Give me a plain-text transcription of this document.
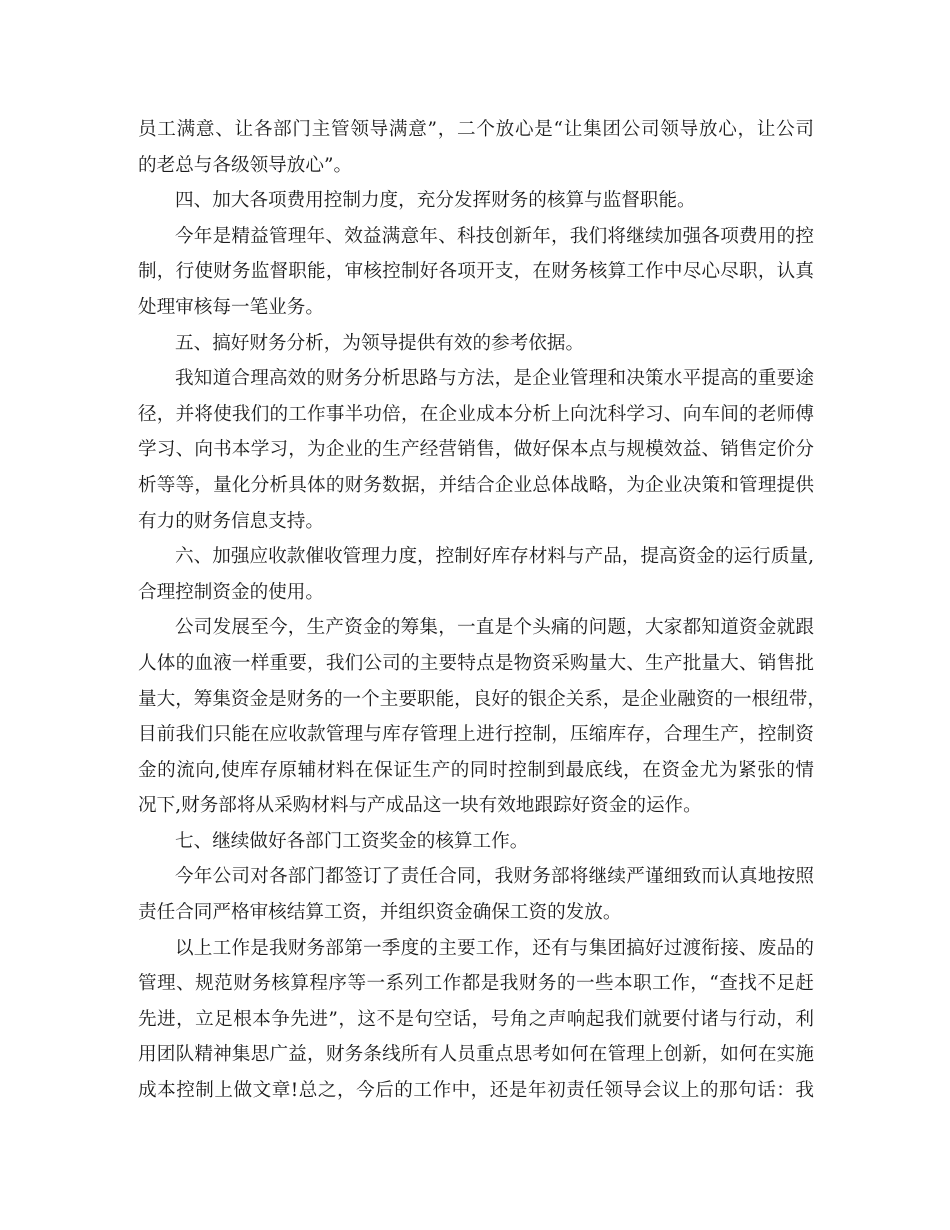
员工满意、让各部门主管领导满意”，二个放心是“让集团公司领导放心，让公司
的老总与各级领导放心”。
四、加大各项费用控制力度，充分发挥财务的核算与监督职能。
今年是精益管理年、效益满意年、科技创新年，我们将继续加强各项费用的控
制，行使财务监督职能，审核控制好各项开支，在财务核算工作中尽心尽职，认真
处理审核每一笔业务。
五、搞好财务分析，为领导提供有效的参考依据。
我知道合理高效的财务分析思路与方法，是企业管理和决策水平提高的重要途
径，并将使我们的工作事半功倍，在企业成本分析上向沈科学习、向车间的老师傅
学习、向书本学习，为企业的生产经营销售，做好保本点与规模效益、销售定价分
析等等，量化分析具体的财务数据，并结合企业总体战略，为企业决策和管理提供
有力的财务信息支持。
六、加强应收款催收管理力度，控制好库存材料与产品，提高资金的运行质量,
合理控制资金的使用。
公司发展至今，生产资金的筹集，一直是个头痛的问题，大家都知道资金就跟
人体的血液一样重要，我们公司的主要特点是物资采购量大、生产批量大、销售批
量大，筹集资金是财务的一个主要职能，良好的银企关系，是企业融资的一根纽带，
目前我们只能在应收款管理与库存管理上进行控制，压缩库存，合理生产，控制资
金的流向,使库存原辅材料在保证生产的同时控制到最底线，在资金尤为紧张的情
况下,财务部将从采购材料与产成品这一块有效地跟踪好资金的运作。
七、继续做好各部门工资奖金的核算工作。
今年公司对各部门都签订了责任合同，我财务部将继续严谨细致而认真地按照
责任合同严格审核结算工资，并组织资金确保工资的发放。
以上工作是我财务部第一季度的主要工作，还有与集团搞好过渡衔接、废品的
管理、规范财务核算程序等一系列工作都是我财务的一些本职工作，“查找不足赶
先进，立足根本争先进”，这不是句空话，号角之声响起我们就要付诸与行动，利
用团队精神集思广益，财务条线所有人员重点思考如何在管理上创新，如何在实施
成本控制上做文章!总之，今后的工作中，还是年初责任领导会议上的那句话：我
